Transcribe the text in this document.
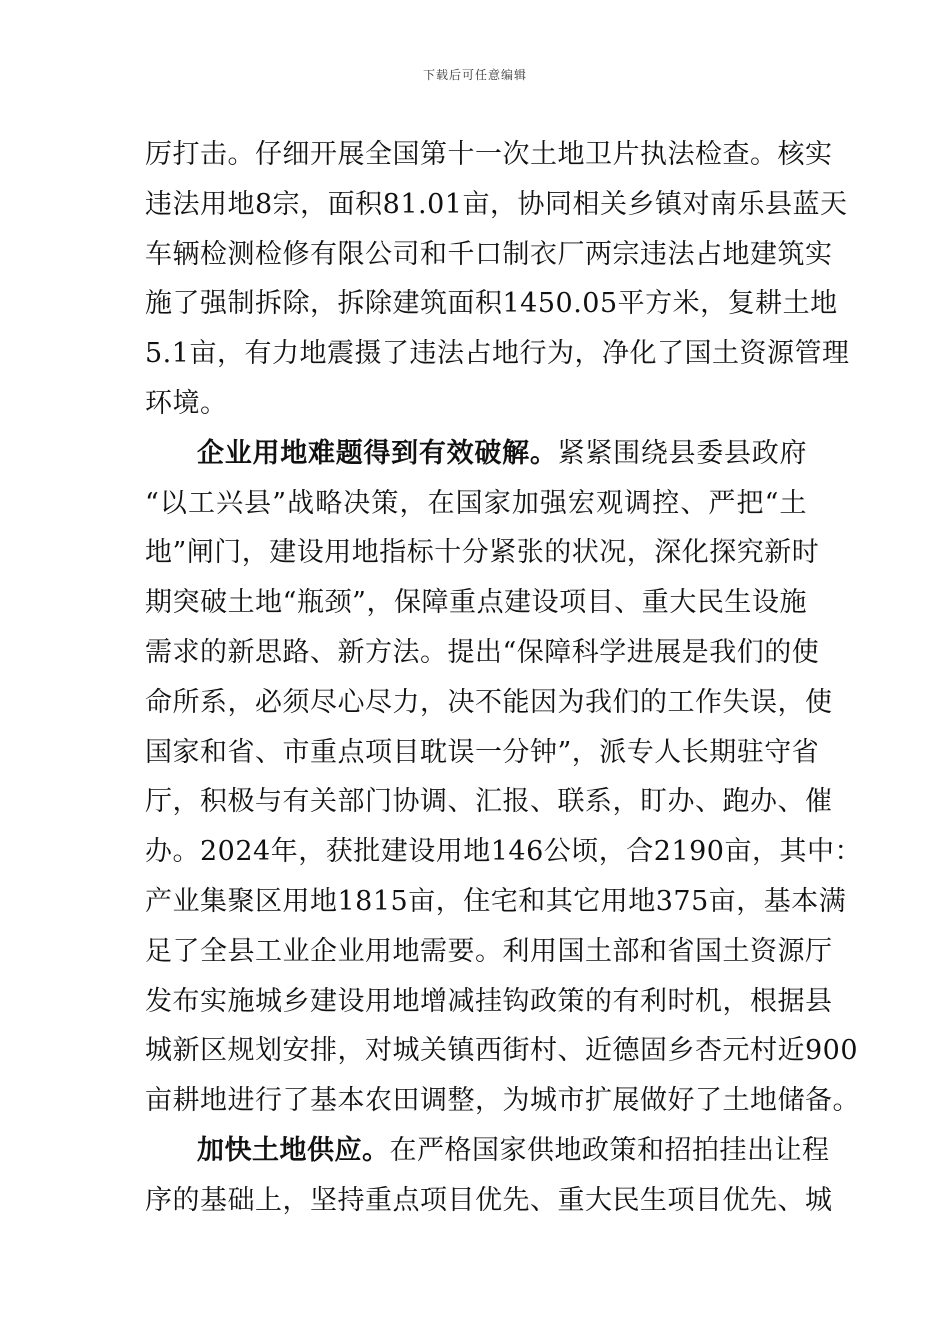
下载后可任意编辑
厉打击。仔细开展全国第十一次土地卫片执法检查。核实
违法用地8宗，面积81.01亩，协同相关乡镇对南乐县蓝天
车辆检测检修有限公司和千口制衣厂两宗违法占地建筑实
施了强制拆除，拆除建筑面积1450.05平方米，复耕土地
5.1亩，有力地震摄了违法占地行为，净化了国土资源管理
环境。
企业用地难题得到有效破解。紧紧围绕县委县政府
“以工兴县”战略决策，在国家加强宏观调控、严把“土
地”闸门，建设用地指标十分紧张的状况，深化探究新时
期突破土地“瓶颈”，保障重点建设项目、重大民生设施
需求的新思路、新方法。提出“保障科学进展是我们的使
命所系，必须尽心尽力，决不能因为我们的工作失误，使
国家和省、市重点项目耽误一分钟”，派专人长期驻守省
厅，积极与有关部门协调、汇报、联系，盯办、跑办、催
办。2024年，获批建设用地146公顷，合2190亩，其中：
产业集聚区用地1815亩，住宅和其它用地375亩，基本满
足了全县工业企业用地需要。利用国土部和省国土资源厅
发布实施城乡建设用地增减挂钩政策的有利时机，根据县
城新区规划安排，对城关镇西街村、近德固乡杏元村近900
亩耕地进行了基本农田调整，为城市扩展做好了土地储备。
加快土地供应。在严格国家供地政策和招拍挂出让程
序的基础上，坚持重点项目优先、重大民生项目优先、城
